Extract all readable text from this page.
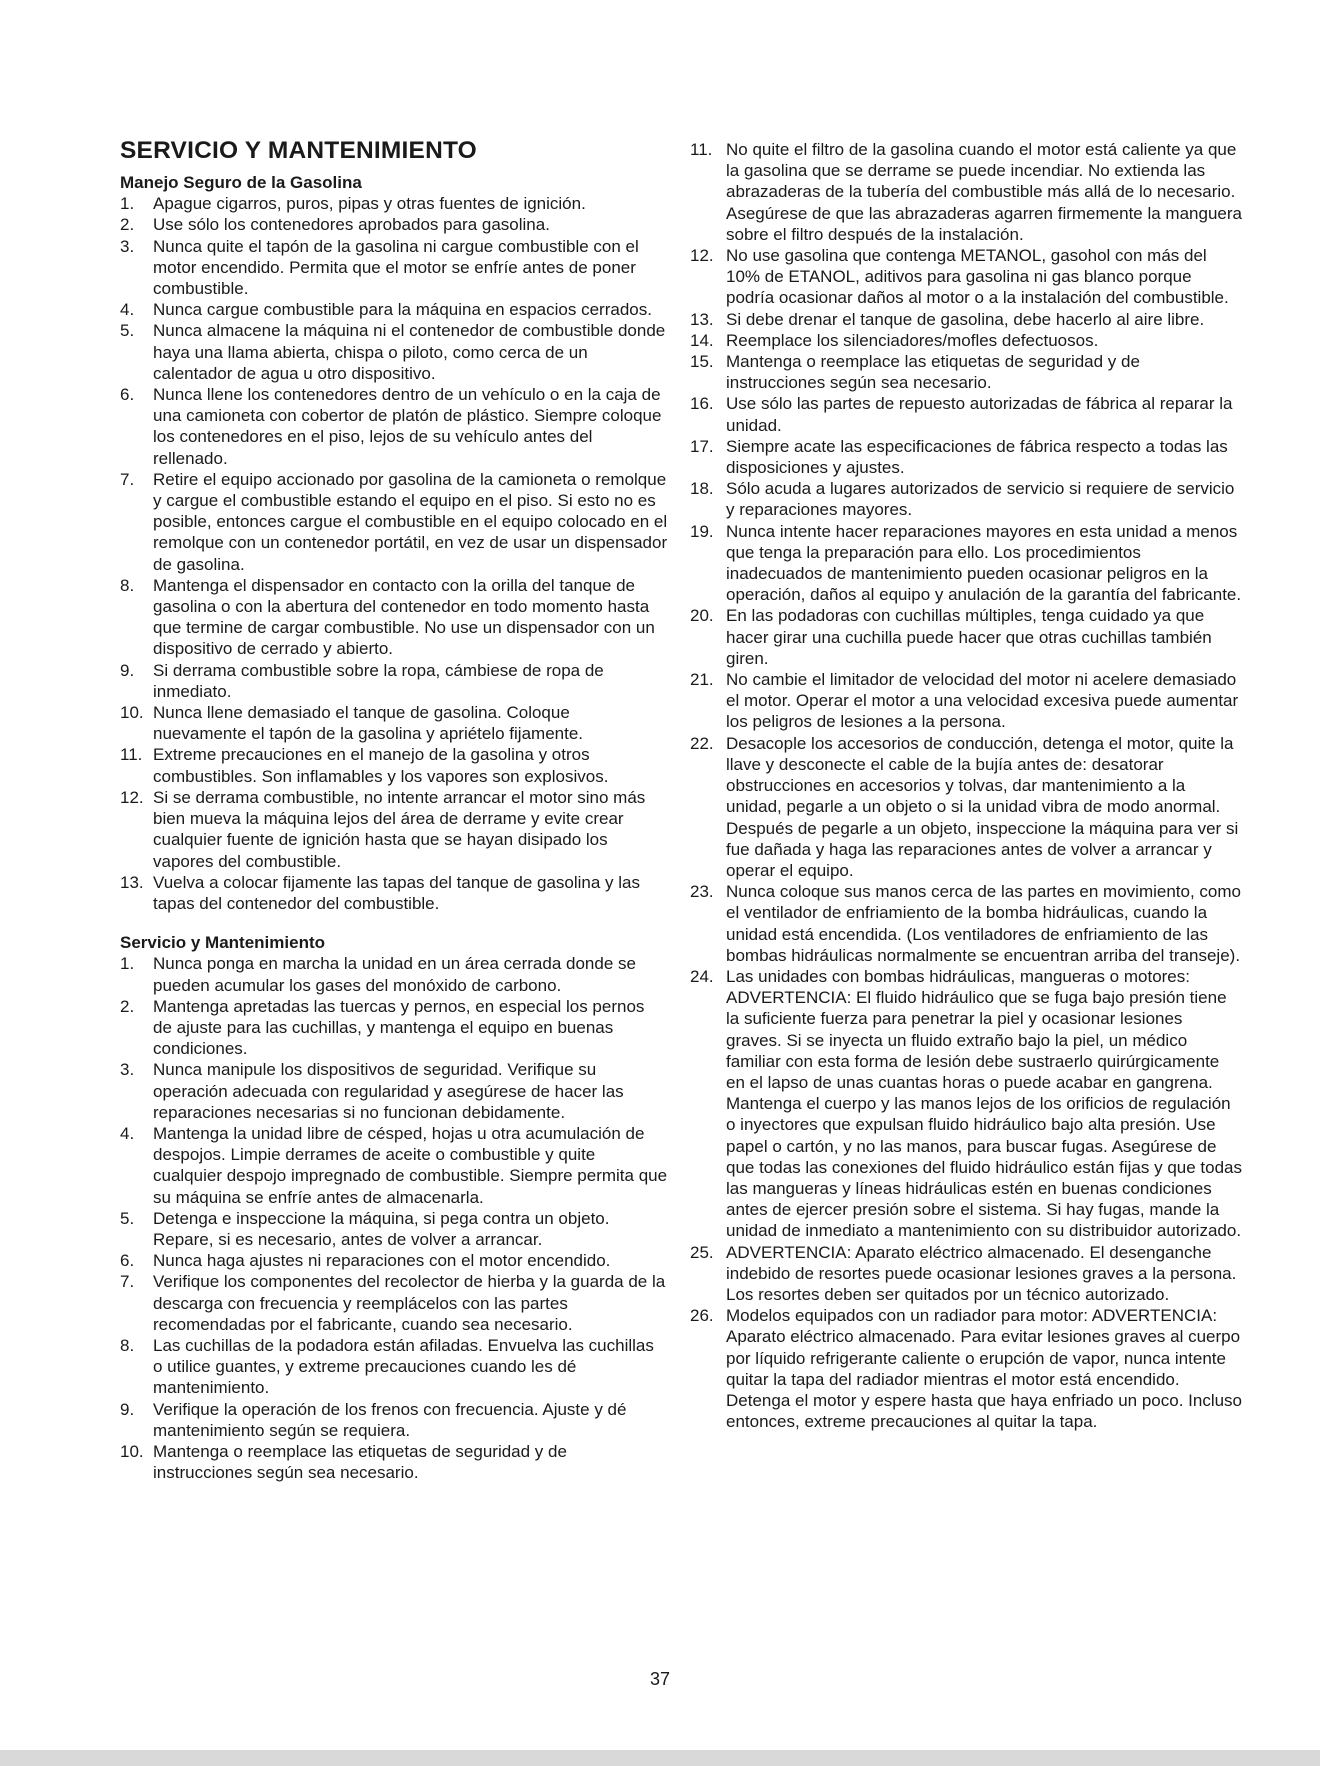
SERVICIO Y MANTENIMIENTO
Manejo Seguro de la Gasolina
1. Apague cigarros, puros, pipas y otras fuentes de ignición.
2. Use sólo los contenedores aprobados para gasolina.
3. Nunca quite el tapón de la gasolina ni cargue combustible con el motor encendido. Permita que el motor se enfríe antes de poner combustible.
4. Nunca cargue combustible para la máquina en espacios cerrados.
5. Nunca almacene la máquina ni el contenedor de combustible donde haya una llama abierta, chispa o piloto, como cerca de un calentador de agua u otro dispositivo.
6. Nunca llene los contenedores dentro de un vehículo o en la caja de una camioneta con cobertor de platón de plástico. Siempre coloque los contenedores en el piso, lejos de su vehículo antes del rellenado.
7. Retire el equipo accionado por gasolina de la camioneta o remolque y cargue el combustible estando el equipo en el piso. Si esto no es posible, entonces cargue el combustible en el equipo colocado en el remolque con un contenedor portátil, en vez de usar un dispensador de gasolina.
8. Mantenga el dispensador en contacto con la orilla del tanque de gasolina o con la abertura del contenedor en todo momento hasta que termine de cargar combustible. No use un dispensador con un dispositivo de cerrado y abierto.
9. Si derrama combustible sobre la ropa, cámbiese de ropa de inmediato.
10. Nunca llene demasiado el tanque de gasolina. Coloque nuevamente el tapón de la gasolina y apriételo fijamente.
11. Extreme precauciones en el manejo de la gasolina y otros combustibles. Son inflamables y los vapores son explosivos.
12. Si se derrama combustible, no intente arrancar el motor sino más bien mueva la máquina lejos del área de derrame y evite crear cualquier fuente de ignición hasta que se hayan disipado los vapores del combustible.
13. Vuelva a colocar fijamente las tapas del tanque de gasolina y las tapas del contenedor del combustible.
Servicio y Mantenimiento
1. Nunca ponga en marcha la unidad en un área cerrada donde se pueden acumular los gases del monóxido de carbono.
2. Mantenga apretadas las tuercas y pernos, en especial los pernos de ajuste para las cuchillas, y mantenga el equipo en buenas condiciones.
3. Nunca manipule los dispositivos de seguridad. Verifique su operación adecuada con regularidad y asegúrese de hacer las reparaciones necesarias si no funcionan debidamente.
4. Mantenga la unidad libre de césped, hojas u otra acumulación de despojos. Limpie derrames de aceite o combustible y quite cualquier despojo impregnado de combustible. Siempre permita que su máquina se enfríe antes de almacenarla.
5. Detenga e inspeccione la máquina, si pega contra un objeto. Repare, si es necesario, antes de volver a arrancar.
6. Nunca haga ajustes ni reparaciones con el motor encendido.
7. Verifique los componentes del recolector de hierba y la guarda de la descarga con frecuencia y reemplácelos con las partes recomendadas por el fabricante, cuando sea necesario.
8. Las cuchillas de la podadora están afiladas. Envuelva las cuchillas o utilice guantes, y extreme precauciones cuando les dé mantenimiento.
9. Verifique la operación de los frenos con frecuencia. Ajuste y dé mantenimiento según se requiera.
10. Mantenga o reemplace las etiquetas de seguridad y de instrucciones según sea necesario.
11. No quite el filtro de la gasolina cuando el motor está caliente ya que la gasolina que se derrame se puede incendiar. No extienda las abrazaderas de la tubería del combustible más allá de lo necesario. Asegúrese de que las abrazaderas agarren firmemente la manguera sobre el filtro después de la instalación.
12. No use gasolina que contenga METANOL, gasohol con más del 10% de ETANOL, aditivos para gasolina ni gas blanco porque podría ocasionar daños al motor o a la instalación del combustible.
13. Si debe drenar el tanque de gasolina, debe hacerlo al aire libre.
14. Reemplace los silenciadores/mofles defectuosos.
15. Mantenga o reemplace las etiquetas de seguridad y de instrucciones según sea necesario.
16. Use sólo las partes de repuesto autorizadas de fábrica al reparar la unidad.
17. Siempre acate las especificaciones de fábrica respecto a todas las disposiciones y ajustes.
18. Sólo acuda a lugares autorizados de servicio si requiere de servicio y reparaciones mayores.
19. Nunca intente hacer reparaciones mayores en esta unidad a menos que tenga la preparación para ello. Los procedimientos inadecuados de mantenimiento pueden ocasionar peligros en la operación, daños al equipo y anulación de la garantía del fabricante.
20. En las podadoras con cuchillas múltiples, tenga cuidado ya que hacer girar una cuchilla puede hacer que otras cuchillas también giren.
21. No cambie el limitador de velocidad del motor ni acelere demasiado el motor. Operar el motor a una velocidad excesiva puede aumentar los peligros de lesiones a la persona.
22. Desacople los accesorios de conducción, detenga el motor, quite la llave y desconecte el cable de la bujía antes de: desatorar obstrucciones en accesorios y tolvas, dar mantenimiento a la unidad, pegarle a un objeto o si la unidad vibra de modo anormal. Después de pegarle a un objeto, inspeccione la máquina para ver si fue dañada y haga las reparaciones antes de volver a arrancar y operar el equipo.
23. Nunca coloque sus manos cerca de las partes en movimiento, como el ventilador de enfriamiento de la bomba hidráulicas, cuando la unidad está encendida. (Los ventiladores de enfriamiento de las bombas hidráulicas normalmente se encuentran arriba del transeje).
24. Las unidades con bombas hidráulicas, mangueras o motores: ADVERTENCIA: El fluido hidráulico que se fuga bajo presión tiene la suficiente fuerza para penetrar la piel y ocasionar lesiones graves. Si se inyecta un fluido extraño bajo la piel, un médico familiar con esta forma de lesión debe sustraerlo quirúrgicamente en el lapso de unas cuantas horas o puede acabar en gangrena. Mantenga el cuerpo y las manos lejos de los orificios de regulación o inyectores que expulsan fluido hidráulico bajo alta presión. Use papel o cartón, y no las manos, para buscar fugas. Asegúrese de que todas las conexiones del fluido hidráulico están fijas y que todas las mangueras y líneas hidráulicas estén en buenas condiciones antes de ejercer presión sobre el sistema. Si hay fugas, mande la unidad de inmediato a mantenimiento con su distribuidor autorizado.
25. ADVERTENCIA: Aparato eléctrico almacenado. El desenganche indebido de resortes puede ocasionar lesiones graves a la persona. Los resortes deben ser quitados por un técnico autorizado.
26. Modelos equipados con un radiador para motor: ADVERTENCIA: Aparato eléctrico almacenado. Para evitar lesiones graves al cuerpo por líquido refrigerante caliente o erupción de vapor, nunca intente quitar la tapa del radiador mientras el motor está encendido. Detenga el motor y espere hasta que haya enfriado un poco. Incluso entonces, extreme precauciones al quitar la tapa.
37
